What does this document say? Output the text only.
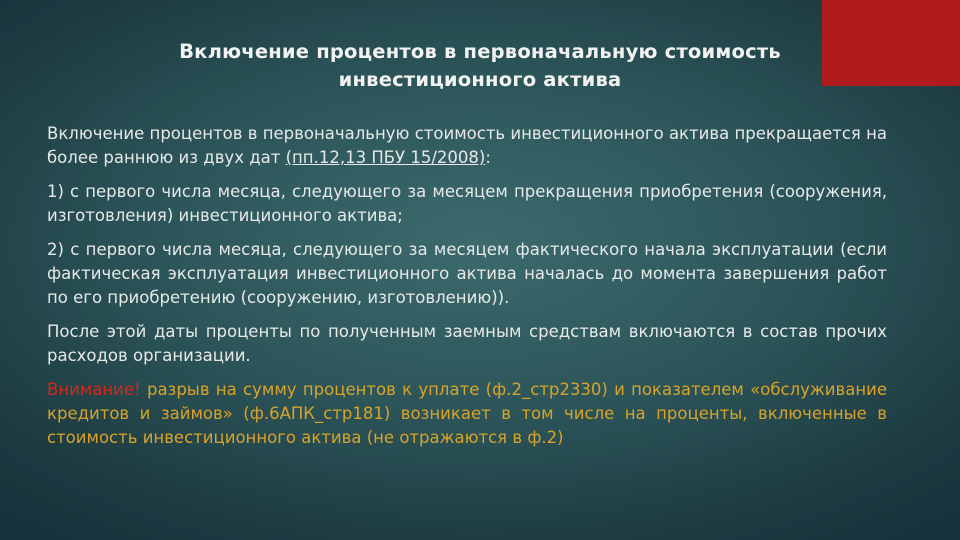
Включение процентов в первоначальную стоимость
инвестиционного актива

Включение процентов в первоначальную стоимость инвестиционного актива прекращается на более раннюю из двух дат (пп.12,13 ПБУ 15/2008):

1) с первого числа месяца, следующего за месяцем прекращения приобретения (сооружения, изготовления) инвестиционного актива;

2) с первого числа месяца, следующего за месяцем фактического начала эксплуатации (если фактическая эксплуатация инвестиционного актива началась до момента завершения работ по его приобретению (сооружению, изготовлению)).

После этой даты проценты по полученным заемным средствам включаются в состав прочих расходов организации.

Внимание! разрыв на сумму процентов к уплате (ф.2_стр2330) и показателем «обслуживание кредитов и займов» (ф.6АПК_стр181) возникает в том числе на проценты, включенные в стоимость инвестиционного актива (не отражаются в ф.2)
